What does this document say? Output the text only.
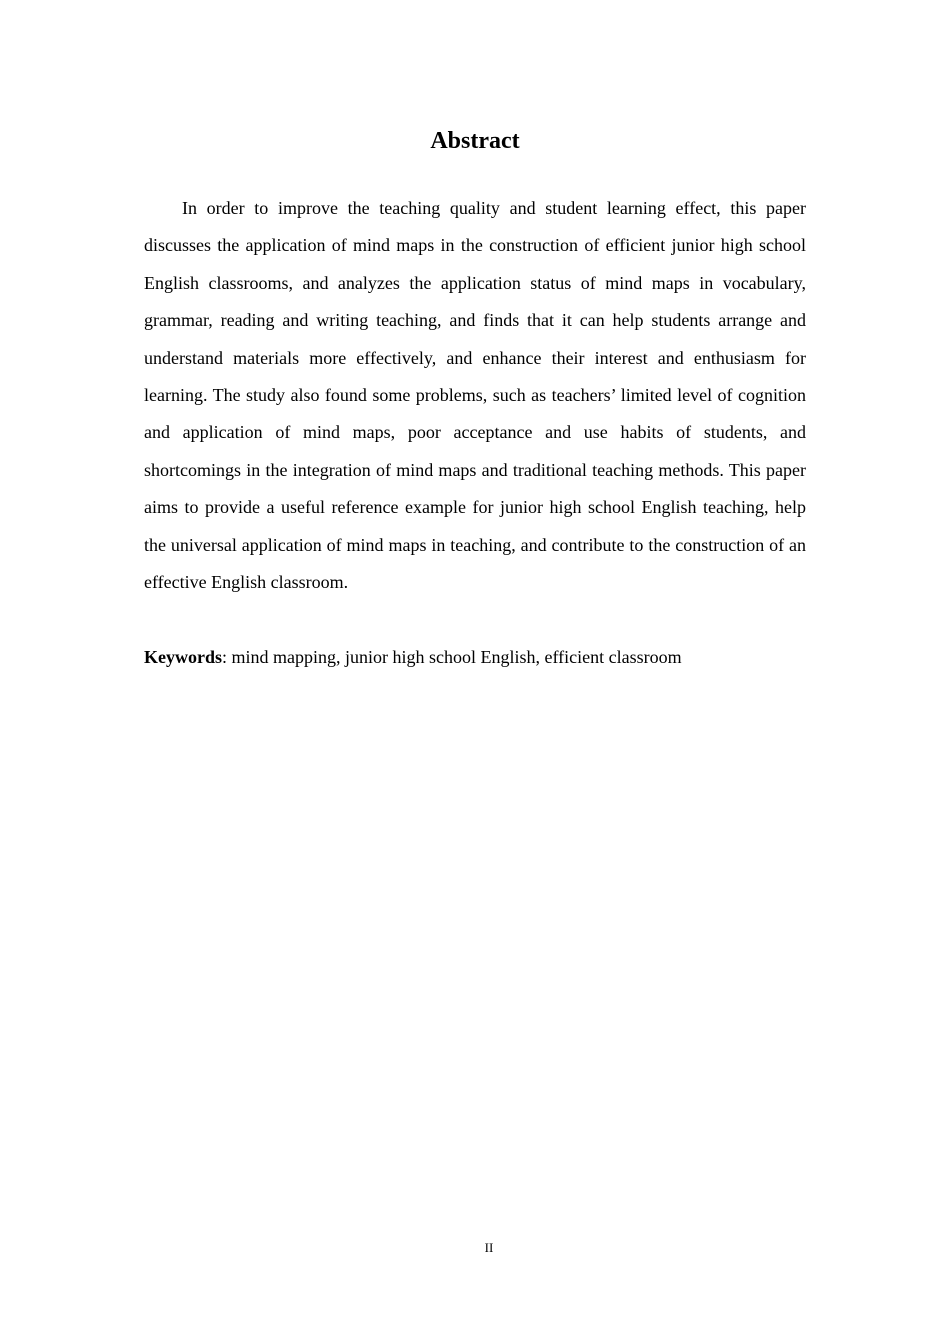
Abstract

In order to improve the teaching quality and student learning effect, this paper discusses the application of mind maps in the construction of efficient junior high school English classrooms, and analyzes the application status of mind maps in vocabulary, grammar, reading and writing teaching, and finds that it can help students arrange and understand materials more effectively, and enhance their interest and enthusiasm for learning. The study also found some problems, such as teachers’ limited level of cognition and application of mind maps, poor acceptance and use habits of students, and shortcomings in the integration of mind maps and traditional teaching methods. This paper aims to provide a useful reference example for junior high school English teaching, help the universal application of mind maps in teaching, and contribute to the construction of an effective English classroom.

Keywords: mind mapping, junior high school English, efficient classroom

II
